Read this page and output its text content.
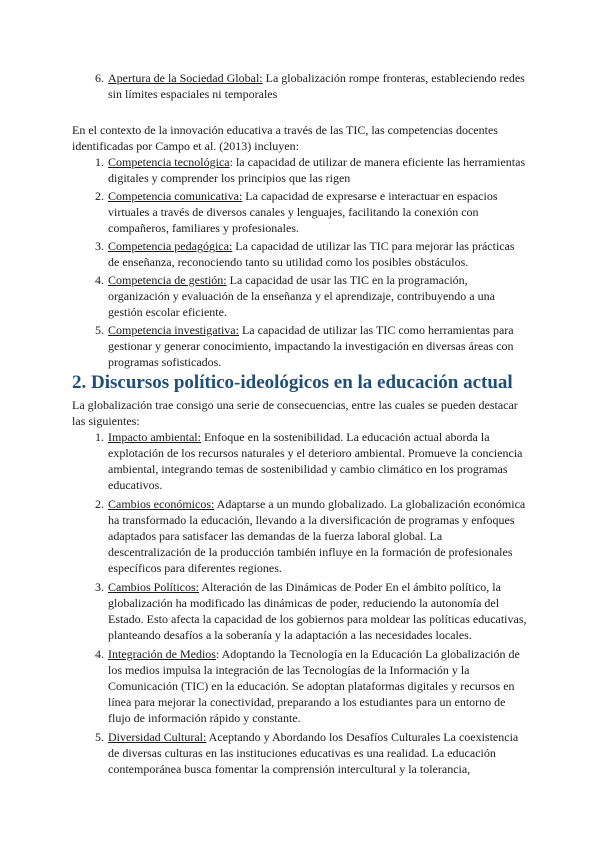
6. Apertura de la Sociedad Global: La globalización rompe fronteras, estableciendo redes sin límites espaciales ni temporales

En el contexto de la innovación educativa a través de las TIC, las competencias docentes identificadas por Campo et al. (2013) incluyen:

1. Competencia tecnológica: la capacidad de utilizar de manera eficiente las herramientas digitales y comprender los principios que las rigen
2. Competencia comunicativa: La capacidad de expresarse e interactuar en espacios virtuales a través de diversos canales y lenguajes, facilitando la conexión con compañeros, familiares y profesionales.
3. Competencia pedagógica: La capacidad de utilizar las TIC para mejorar las prácticas de enseñanza, reconociendo tanto su utilidad como los posibles obstáculos.
4. Competencia de gestión: La capacidad de usar las TIC en la programación, organización y evaluación de la enseñanza y el aprendizaje, contribuyendo a una gestión escolar eficiente.
5. Competencia investigativa: La capacidad de utilizar las TIC como herramientas para gestionar y generar conocimiento, impactando la investigación en diversas áreas con programas sofisticados.
2. Discursos político-ideológicos en la educación actual

La globalización trae consigo una serie de consecuencias, entre las cuales se pueden destacar las siguientes:

1. Impacto ambiental: Enfoque en la sostenibilidad. La educación actual aborda la explotación de los recursos naturales y el deterioro ambiental. Promueve la conciencia ambiental, integrando temas de sostenibilidad y cambio climático en los programas educativos.
2. Cambios económicos: Adaptarse a un mundo globalizado. La globalización económica ha transformado la educación, llevando a la diversificación de programas y enfoques adaptados para satisfacer las demandas de la fuerza laboral global. La descentralización de la producción también influye en la formación de profesionales específicos para diferentes regiones.
3. Cambios Políticos: Alteración de las Dinámicas de Poder En el ámbito político, la globalización ha modificado las dinámicas de poder, reduciendo la autonomía del Estado. Esto afecta la capacidad de los gobiernos para moldear las políticas educativas, planteando desafíos a la soberanía y la adaptación a las necesidades locales.
4. Integración de Medios: Adoptando la Tecnología en la Educación La globalización de los medios impulsa la integración de las Tecnologías de la Información y la Comunicación (TIC) en la educación. Se adoptan plataformas digitales y recursos en línea para mejorar la conectividad, preparando a los estudiantes para un entorno de flujo de información rápido y constante.
5. Diversidad Cultural: Aceptando y Abordando los Desafíos Culturales La coexistencia de diversas culturas en las instituciones educativas es una realidad. La educación contemporánea busca fomentar la comprensión intercultural y la tolerancia,
